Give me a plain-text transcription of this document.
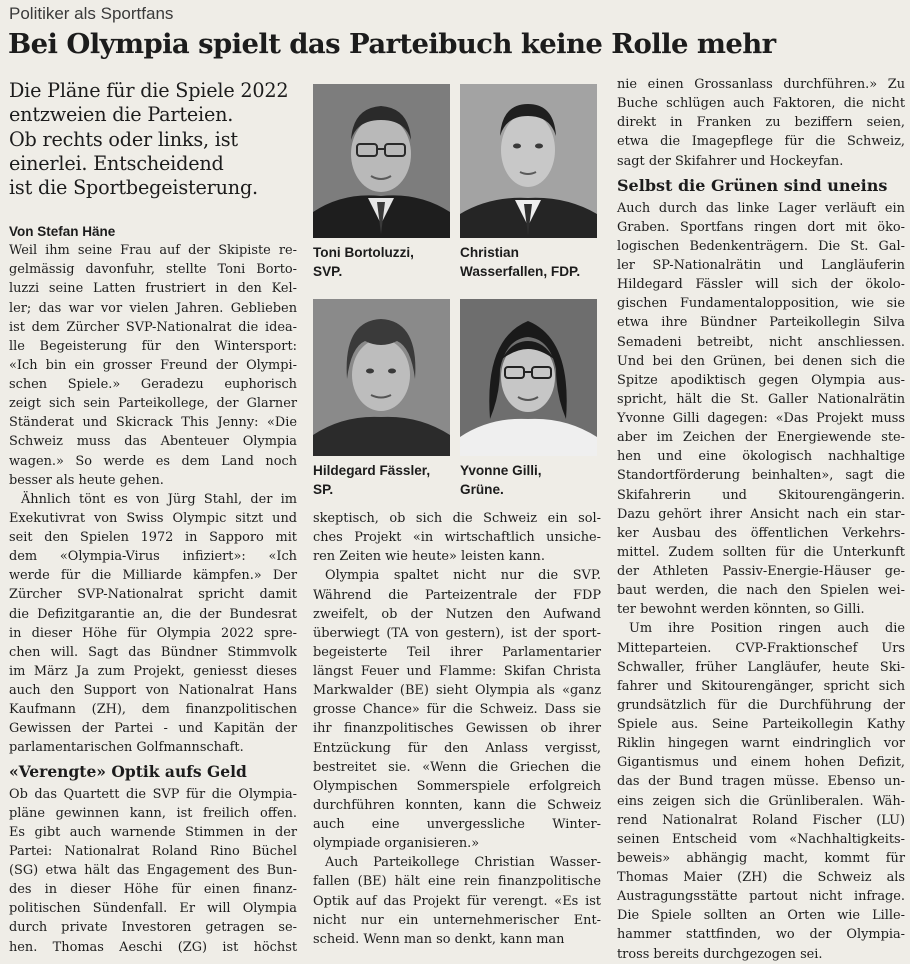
Politiker als Sportfans
Bei Olympia spielt das Parteibuch keine Rolle mehr
Die Pläne für die Spiele 2022
entzweien die Parteien.
Ob rechts oder links, ist
einerlei. Entscheidend
ist die Sportbegeisterung.
Von Stefan Häne
Weil ihm seine Frau auf der Skipiste re-
gelmässig davonfuhr, stellte Toni Borto-
luzzi seine Latten frustriert in den Kel-
ler; das war vor vielen Jahren. Geblieben
ist dem Zürcher SVP-Nationalrat die idea-
lle Begeisterung für den Wintersport:
«Ich bin ein grosser Freund der Olympi-
schen Spiele.» Geradezu euphorisch
zeigt sich sein Parteikollege, der Glarner
Ständerat und Skicrack This Jenny: «Die
Schweiz muss das Abenteuer Olympia
wagen.» So werde es dem Land noch
besser als heute gehen.
Ähnlich tönt es von Jürg Stahl, der im
Exekutivrat von Swiss Olympic sitzt und
seit den Spielen 1972 in Sapporo mit
dem «Olympia-Virus infiziert»: «Ich
werde für die Milliarde kämpfen.» Der
Zürcher SVP-Nationalrat spricht damit
die Defizitgarantie an, die der Bundesrat
in dieser Höhe für Olympia 2022 spre-
chen will. Sagt das Bündner Stimmvolk
im März Ja zum Projekt, geniesst dieses
auch den Support von Nationalrat Hans
Kaufmann (ZH), dem finanzpolitischen
Gewissen der Partei - und Kapitän der
parlamentarischen Golfmannschaft.
«Verengte» Optik aufs Geld
Ob das Quartett die SVP für die Olympia-
pläne gewinnen kann, ist freilich offen.
Es gibt auch warnende Stimmen in der
Partei: Nationalrat Roland Rino Büchel
(SG) etwa hält das Engagement des Bun-
des in dieser Höhe für einen finanz-
politischen Sündenfall. Er will Olympia
durch private Investoren getragen se-
hen. Thomas Aeschi (ZG) ist höchst
Toni Bortoluzzi,
SVP.
Christian
Wasserfallen, FDP.
Hildegard Fässler,
SP.
Yvonne Gilli,
Grüne.
skeptisch, ob sich die Schweiz ein sol-
ches Projekt «in wirtschaftlich unsiche-
ren Zeiten wie heute» leisten kann.
Olympia spaltet nicht nur die SVP.
Während die Parteizentrale der FDP
zweifelt, ob der Nutzen den Aufwand
überwiegt (TA von gestern), ist der sport-
begeisterte Teil ihrer Parlamentarier
längst Feuer und Flamme: Skifan Christa
Markwalder (BE) sieht Olympia als «ganz
grosse Chance» für die Schweiz. Dass sie
ihr finanzpolitisches Gewissen ob ihrer
Entzückung für den Anlass vergisst,
bestreitet sie. «Wenn die Griechen die
Olympischen Sommerspiele erfolgreich
durchführen konnten, kann die Schweiz
auch eine unvergessliche Winter-
olympiade organisieren.»
Auch Parteikollege Christian Wasser-
fallen (BE) hält eine rein finanzpolitische
Optik auf das Projekt für verengt. «Es ist
nicht nur ein unternehmerischer Ent-
scheid. Wenn man so denkt, kann man
nie einen Grossanlass durchführen.» Zu
Buche schlügen auch Faktoren, die nicht
direkt in Franken zu beziffern seien,
etwa die Imagepflege für die Schweiz,
sagt der Skifahrer und Hockeyfan.
Selbst die Grünen sind uneins
Auch durch das linke Lager verläuft ein
Graben. Sportfans ringen dort mit öko-
logischen Bedenkenträgern. Die St. Gal-
ler SP-Nationalrätin und Langläuferin
Hildegard Fässler will sich der ökolo-
gischen Fundamentalopposition, wie sie
etwa ihre Bündner Parteikollegin Silva
Semadeni betreibt, nicht anschliessen.
Und bei den Grünen, bei denen sich die
Spitze apodiktisch gegen Olympia aus-
spricht, hält die St. Galler Nationalrätin
Yvonne Gilli dagegen: «Das Projekt muss
aber im Zeichen der Energiewende ste-
hen und eine ökologisch nachhaltige
Standortförderung beinhalten», sagt die
Skifahrerin und Skitourengängerin.
Dazu gehört ihrer Ansicht nach ein star-
ker Ausbau des öffentlichen Verkehrs-
mittel. Zudem sollten für die Unterkunft
der Athleten Passiv-Energie-Häuser ge-
baut werden, die nach den Spielen wei-
ter bewohnt werden könnten, so Gilli.
Um ihre Position ringen auch die
Mitteparteien. CVP-Fraktionschef Urs
Schwaller, früher Langläufer, heute Ski-
fahrer und Skitourengänger, spricht sich
grundsätzlich für die Durchführung der
Spiele aus. Seine Parteikollegin Kathy
Riklin hingegen warnt eindringlich vor
Gigantismus und einem hohen Defizit,
das der Bund tragen müsse. Ebenso un-
eins zeigen sich die Grünliberalen. Wäh-
rend Nationalrat Roland Fischer (LU)
seinen Entscheid vom «Nachhaltigkeits-
beweis» abhängig macht, kommt für
Thomas Maier (ZH) die Schweiz als
Austragungsstätte partout nicht infrage.
Die Spiele sollten an Orten wie Lille-
hammer stattfinden, wo der Olympia-
tross bereits durchgezogen sei.
